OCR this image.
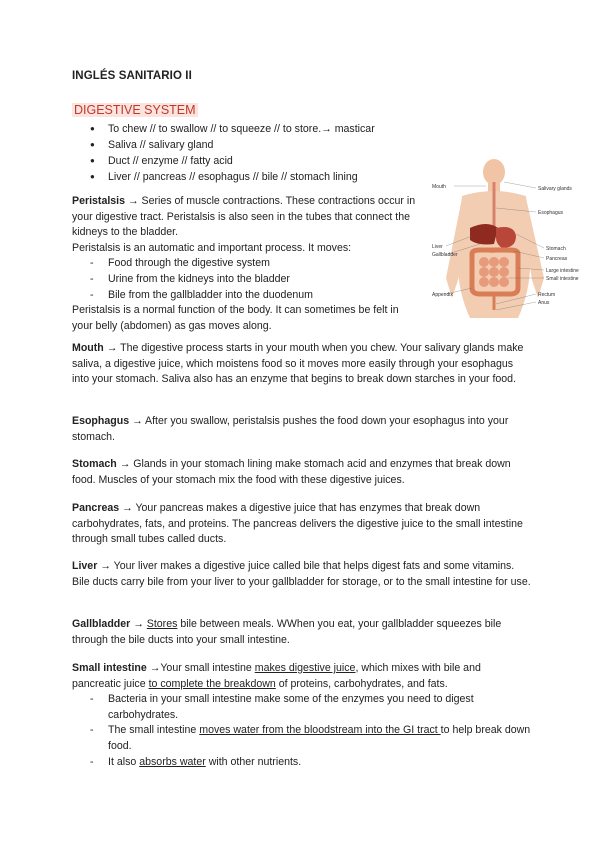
INGLÉS SANITARIO II
DIGESTIVE SYSTEM
● To chew // to swallow // to squeeze // to store.→ masticar
● Saliva // salivary gland
● Duct // enzyme // fatty acid
● Liver // pancreas // esophagus // bile // stomach lining
Mouth	Salivary glands
Esophagus
Liver
Gallbladder
Stomach
Pancreas
Large intestine
Small intestine
Appendix	Rectum
Anus
Peristalsis → Series of muscle contractions. These contractions occur in your digestive tract. Peristalsis is also seen in the tubes that connect the kidneys to the bladder.
Peristalsis is an automatic and important process. It moves:
- Food through the digestive system
- Urine from the kidneys into the bladder
- Bile from the gallbladder into the duodenum
Peristalsis is a normal function of the body. It can sometimes be felt in your belly (abdomen) as gas moves along.
Mouth → The digestive process starts in your mouth when you chew. Your salivary glands make saliva, a digestive juice, which moistens food so it moves more easily through your esophagus into your stomach. Saliva also has an enzyme that begins to break down starches in your food.
Esophagus → After you swallow, peristalsis pushes the food down your esophagus into your stomach.
Stomach → Glands in your stomach lining make stomach acid and enzymes that break down food. Muscles of your stomach mix the food with these digestive juices.
Pancreas → Your pancreas makes a digestive juice that has enzymes that break down carbohydrates, fats, and proteins. The pancreas delivers the digestive juice to the small intestine through small tubes called ducts.
Liver → Your liver makes a digestive juice called bile that helps digest fats and some vitamins. Bile ducts carry bile from your liver to your gallbladder for storage, or to the small intestine for use.
Gallbladder → Stores bile between meals. WWhen you eat, your gallbladder squeezes bile through the bile ducts into your small intestine.
Small intestine →Your small intestine makes digestive juice, which mixes with bile and pancreatic juice to complete the breakdown of proteins, carbohydrates, and fats.
- Bacteria in your small intestine make some of the enzymes you need to digest carbohydrates.
- The small intestine moves water from the bloodstream into the GI tract to help break down food.
- It also absorbs water with other nutrients.
